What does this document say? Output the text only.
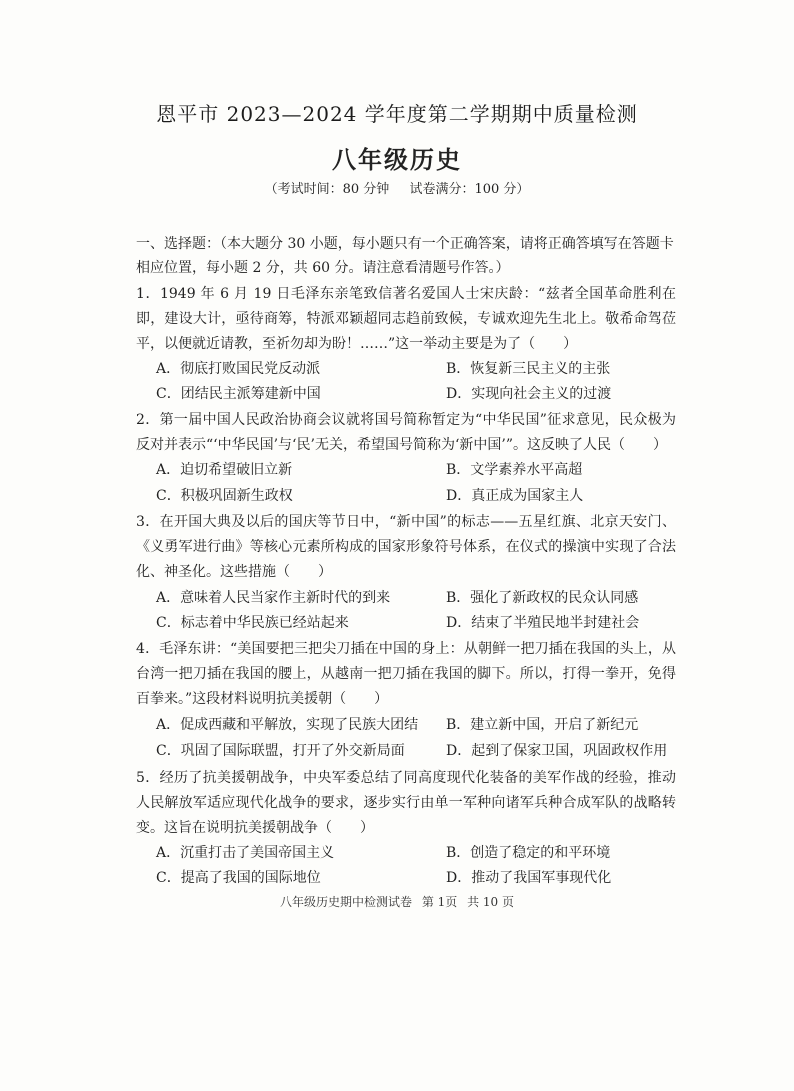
恩平市 2023—2024 学年度第二学期期中质量检测
八年级历史
（考试时间：80 分钟 试卷满分：100 分）
一、选择题：（本大题分 30 小题，每小题只有一个正确答案，请将正确答填写在答题卡相应位置，每小题 2 分，共 60 分。请注意看清题号作答。）
1．1949 年 6 月 19 日毛泽东亲笔致信著名爱国人士宋庆龄：“兹者全国革命胜利在即，建设大计，亟待商筹，特派邓颖超同志趋前致候，专诚欢迎先生北上。敬希命驾莅平，以便就近请教，至祈勿却为盼！……”这一举动主要是为了（　　）
A．彻底打败国民党反动派	B．恢复新三民主义的主张
C．团结民主派筹建新中国	D．实现向社会主义的过渡
2．第一届中国人民政治协商会议就将国号简称暂定为“中华民国”征求意见，民众极为反对并表示“‘中华民国’与‘民’无关，希望国号简称为‘新中国’”。这反映了人民（　　）
A．迫切希望破旧立新	B．文学素养水平高超
C．积极巩固新生政权	D．真正成为国家主人
3．在开国大典及以后的国庆等节日中，“新中国”的标志——五星红旗、北京天安门、《义勇军进行曲》等核心元素所构成的国家形象符号体系，在仪式的操演中实现了合法化、神圣化。这些措施（　　）
A．意味着人民当家作主新时代的到来	B．强化了新政权的民众认同感
C．标志着中华民族已经站起来	D．结束了半殖民地半封建社会
4．毛泽东讲：“美国要把三把尖刀插在中国的身上：从朝鲜一把刀插在我国的头上，从台湾一把刀插在我国的腰上，从越南一把刀插在我国的脚下。所以，打得一拳开，免得百拳来。”这段材料说明抗美援朝（　　）
A．促成西藏和平解放，实现了民族大团结 B．建立新中国，开启了新纪元
C．巩固了国际联盟，打开了外交新局面	D．起到了保家卫国，巩固政权作用
5．经历了抗美援朝战争，中央军委总结了同高度现代化装备的美军作战的经验，推动人民解放军适应现代化战争的要求，逐步实行由单一军种向诸军兵种合成军队的战略转变。这旨在说明抗美援朝战争（　　）
A．沉重打击了美国帝国主义	B．创造了稳定的和平环境
C．提高了我国的国际地位	D．推动了我国军事现代化
八年级历史期中检测试卷 第 1页 共 10 页
